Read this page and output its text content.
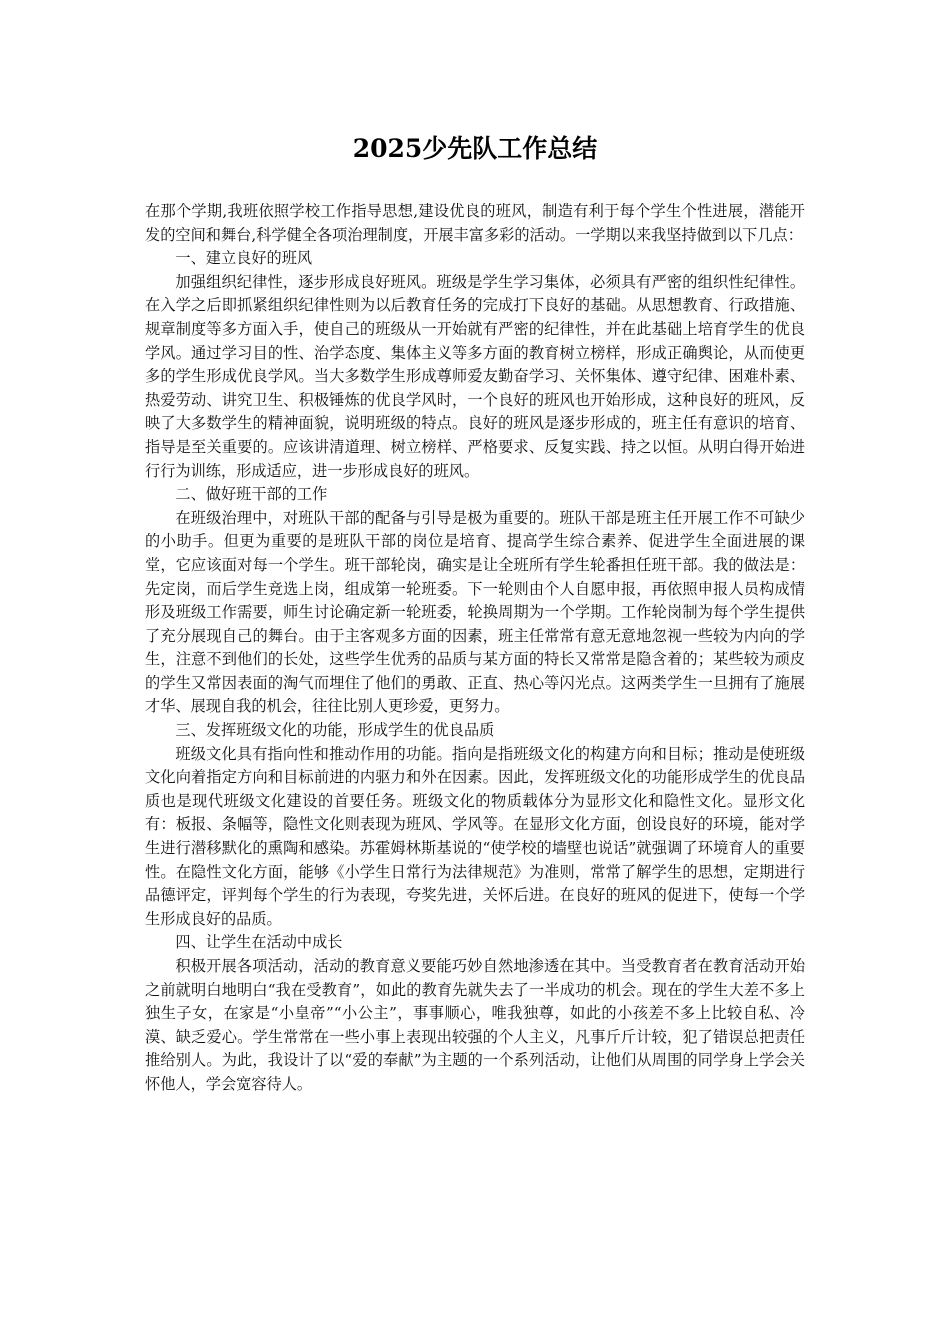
2025少先队工作总结

在那个学期,我班依照学校工作指导思想,建设优良的班风，制造有利于每个学生个性进展，潜能开发的空间和舞台,科学健全各项治理制度，开展丰富多彩的活动。一学期以来我坚持做到以下几点：

一、建立良好的班风

加强组织纪律性，逐步形成良好班风。班级是学生学习集体，必须具有严密的组织性纪律性。在入学之后即抓紧组织纪律性则为以后教育任务的完成打下良好的基础。从思想教育、行政措施、规章制度等多方面入手，使自己的班级从一开始就有严密的纪律性，并在此基础上培育学生的优良学风。通过学习目的性、治学态度、集体主义等多方面的教育树立榜样，形成正确舆论，从而使更多的学生形成优良学风。当大多数学生形成尊师爱友勤奋学习、关怀集体、遵守纪律、困难朴素、热爱劳动、讲究卫生、积极锤炼的优良学风时，一个良好的班风也开始形成，这种良好的班风，反映了大多数学生的精神面貌，说明班级的特点。良好的班风是逐步形成的，班主任有意识的培育、指导是至关重要的。应该讲清道理、树立榜样、严格要求、反复实践、持之以恒。从明白得开始进行行为训练，形成适应，进一步形成良好的班风。

二、做好班干部的工作

在班级治理中，对班队干部的配备与引导是极为重要的。班队干部是班主任开展工作不可缺少的小助手。但更为重要的是班队干部的岗位是培育、提高学生综合素养、促进学生全面进展的课堂，它应该面对每一个学生。班干部轮岗，确实是让全班所有学生轮番担任班干部。我的做法是：先定岗，而后学生竞选上岗，组成第一轮班委。下一轮则由个人自愿申报，再依照申报人员构成情形及班级工作需要，师生讨论确定新一轮班委，轮换周期为一个学期。工作轮岗制为每个学生提供了充分展现自己的舞台。由于主客观多方面的因素，班主任常常有意无意地忽视一些较为内向的学生，注意不到他们的长处，这些学生优秀的品质与某方面的特长又常常是隐含着的；某些较为顽皮的学生又常因表面的淘气而埋住了他们的勇敢、正直、热心等闪光点。这两类学生一旦拥有了施展才华、展现自我的机会，往往比别人更珍爱，更努力。

三、发挥班级文化的功能，形成学生的优良品质

班级文化具有指向性和推动作用的功能。指向是指班级文化的构建方向和目标；推动是使班级文化向着指定方向和目标前进的内驱力和外在因素。因此，发挥班级文化的功能形成学生的优良品质也是现代班级文化建设的首要任务。班级文化的物质载体分为显形文化和隐性文化。显形文化有：板报、条幅等，隐性文化则表现为班风、学风等。在显形文化方面，创设良好的环境，能对学生进行潜移默化的熏陶和感染。苏霍姆林斯基说的“使学校的墙壁也说话”就强调了环境育人的重要性。在隐性文化方面，能够《小学生日常行为法律规范》为准则，常常了解学生的思想，定期进行品德评定，评判每个学生的行为表现，夸奖先进，关怀后进。在良好的班风的促进下，使每一个学生形成良好的品质。

四、让学生在活动中成长

积极开展各项活动，活动的教育意义要能巧妙自然地渗透在其中。当受教育者在教育活动开始之前就明白地明白“我在受教育”，如此的教育先就失去了一半成功的机会。现在的学生大差不多上独生子女，在家是“小皇帝”“小公主”，事事顺心，唯我独尊，如此的小孩差不多上比较自私、冷漠、缺乏爱心。学生常常在一些小事上表现出较强的个人主义，凡事斤斤计较，犯了错误总把责任推给别人。为此，我设计了以“爱的奉献”为主题的一个系列活动，让他们从周围的同学身上学会关怀他人，学会宽容待人。
